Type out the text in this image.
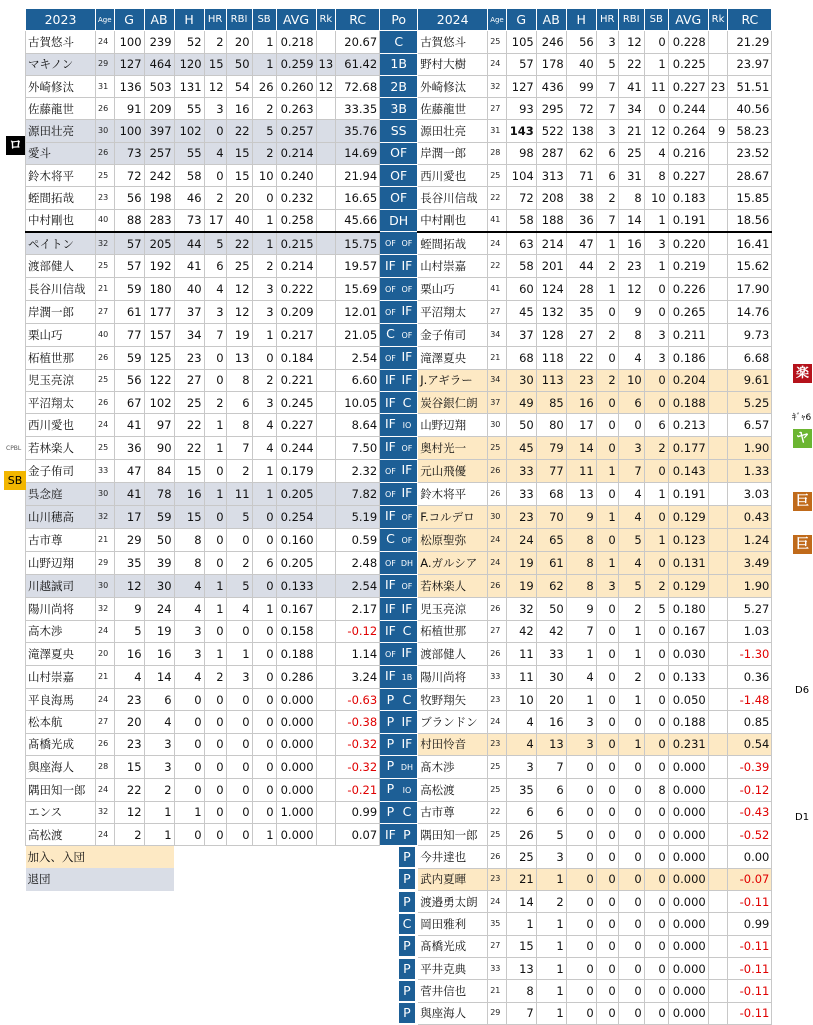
2023	Age	G	AB	H	HR	RBI	SB	AVG	Rk	RC	Po	2024	Age	G	AB	H	HR	RBI	SB	AVG	Rk	RC
古賀悠斗	24	100	239	52	2	20	1	0.218		20.67	C	古賀悠斗	25	105	246	56	3	12	0	0.228		21.29
マキノン	29	127	464	120	15	50	1	0.259	13	61.42	1B	野村大樹	24	57	178	40	5	22	1	0.225		23.97
外崎修汰	31	136	503	131	12	54	26	0.260	12	72.68	2B	外崎修汰	32	127	436	99	7	41	11	0.227	23	51.51
佐藤龍世	26	91	209	55	3	16	2	0.263		33.35	3B	佐藤龍世	27	93	295	72	7	34	0	0.244		40.56
源田壮亮	30	100	397	102	0	22	5	0.257		35.76	SS	源田壮亮	31	143	522	138	3	21	12	0.264	9	58.23
愛斗	26	73	257	55	4	15	2	0.214		14.69	OF	岸潤一郎	28	98	287	62	6	25	4	0.216		23.52
鈴木将平	25	72	242	58	0	15	10	0.240		21.94	OF	西川愛也	25	104	313	71	6	31	8	0.227		28.67
蛭間拓哉	23	56	198	46	2	20	0	0.232		16.65	OF	長谷川信哉	22	72	208	38	2	8	10	0.183		15.85
中村剛也	40	88	283	73	17	40	1	0.258		45.66	DH	中村剛也	41	58	188	36	7	14	1	0.191		18.56
ペイトン	32	57	205	44	5	22	1	0.215		15.75	OF OF	蛭間拓哉	24	63	214	47	1	16	3	0.220		16.41
渡部健人	25	57	192	41	6	25	2	0.214		19.57	IF IF	山村崇嘉	22	58	201	44	2	23	1	0.219		15.62
長谷川信哉	21	59	180	40	4	12	3	0.222		15.69	OF OF	栗山巧	41	60	124	28	1	12	0	0.226		17.90
岸潤一郎	27	61	177	37	3	12	3	0.209		12.01	OF IF	平沼翔太	27	45	132	35	0	9	0	0.265		14.76
栗山巧	40	77	157	34	7	19	1	0.217		21.05	C OF	金子侑司	34	37	128	27	2	8	3	0.211		9.73
柘植世那	26	59	125	23	0	13	0	0.184		2.54	OF IF	滝澤夏央	21	68	118	22	0	4	3	0.186		6.68
児玉亮涼	25	56	122	27	0	8	2	0.221		6.60	IF IF	J.アギラー	34	30	113	23	2	10	0	0.204		9.61
平沼翔太	26	67	102	25	2	6	3	0.245		10.05	IF C	炭谷銀仁朗	37	49	85	16	0	6	0	0.188		5.25
西川愛也	24	41	97	22	1	8	4	0.227		8.64	IF IO	山野辺翔	30	50	80	17	0	0	6	0.213		6.57
若林楽人	25	36	90	22	1	7	4	0.244		7.50	IF OF	奥村光一	25	45	79	14	0	3	2	0.177		1.90
金子侑司	33	47	84	15	0	2	1	0.179		2.32	OF IF	元山飛優	26	33	77	11	1	7	0	0.143		1.33
呉念庭	30	41	78	16	1	11	1	0.205		7.82	OF IF	鈴木将平	26	33	68	13	0	4	1	0.191		3.03
山川穂高	32	17	59	15	0	5	0	0.254		5.19	IF OF	F.コルデロ	30	23	70	9	1	4	0	0.129		0.43
古市尊	21	29	50	8	0	0	0	0.160		0.59	C OF	松原聖弥	24	24	65	8	0	5	1	0.123		1.24
山野辺翔	29	35	39	8	0	2	6	0.205		2.48	OF DH	A.ガルシア	24	19	61	8	1	4	0	0.131		3.49
川越誠司	30	12	30	4	1	5	0	0.133		2.54	IF OF	若林楽人	26	19	62	8	3	5	2	0.129		1.90
陽川尚将	32	9	24	4	1	4	1	0.167		2.17	IF IF	児玉亮涼	26	32	50	9	0	2	5	0.180		5.27
高木渉	24	5	19	3	0	0	0	0.158		-0.12	IF C	柘植世那	27	42	42	7	0	1	0	0.167		1.03
滝澤夏央	20	16	16	3	1	1	0	0.188		1.14	OF IF	渡部健人	26	11	33	1	0	1	0	0.030		-1.30
山村崇嘉	21	4	14	4	2	3	0	0.286		3.24	IF 1B	陽川尚将	33	11	30	4	0	2	0	0.133		0.36
平良海馬	24	23	6	0	0	0	0	0.000		-0.63	P C	牧野翔矢	23	10	20	1	0	1	0	0.050		-1.48
松本航	27	20	4	0	0	0	0	0.000		-0.38	P IF	ブランドン	24	4	16	3	0	0	0	0.188		0.85
髙橋光成	26	23	3	0	0	0	0	0.000		-0.32	P IF	村田怜音	23	4	13	3	0	1	0	0.231		0.54
與座海人	28	15	3	0	0	0	0	0.000		-0.32	P DH	髙木渉	25	3	7	0	0	0	0	0.000		-0.39
隅田知一郎	24	22	2	0	0	0	0	0.000		-0.21	P IO	高松渡	25	35	6	0	0	0	8	0.000		-0.12
エンス	32	12	1	1	0	0	0	1.000		0.99	P C	古市尊	22	6	6	0	0	0	0	0.000		-0.43
高松渡	24	2	1	0	0	0	1	0.000		0.07	IF P	隅田知一郎	25	26	5	0	0	0	0	0.000		-0.52
加入、入団											P	今井達也	26	25	3	0	0	0	0	0.000		0.00
退団											P	武内夏暉	23	21	1	0	0	0	0	0.000		-0.07
											P	渡邉勇太朗	24	14	2	0	0	0	0	0.000		-0.11
											C	岡田雅利	35	1	1	0	0	0	0	0.000		0.99
											P	髙橋光成	27	15	1	0	0	0	0	0.000		-0.11
											P	平井克典	33	13	1	0	0	0	0	0.000		-0.11
											P	菅井信也	21	8	1	0	0	0	0	0.000		-0.11
											P	與座海人	29	7	1	0	0	0	0	0.000		-0.11
ロ
CPBL
SB
楽
ｷﾞｬ6
ヤ
巨
巨
D6
D1
